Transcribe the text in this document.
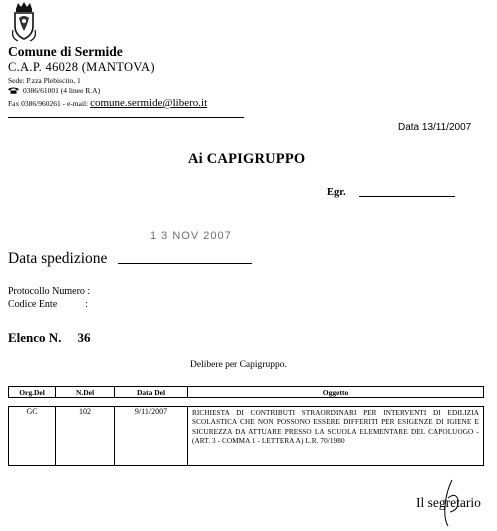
Comune di Sermide
C.A.P. 46028 (MANTOVA)
Sede: P.zza Plebiscito, 1
0386/61001 (4 linee R.A)
Fax 0386/960261 - e-mail: comune.sermide@libero.it
Data 13/11/2007
Ai CAPIGRUPPO
Egr.
1 3 NOV 2007
Data spedizione
Protocollo Numero :
Codice Ente	:
Elenco N. 36
Delibere per Capigruppo.
Org.Del	N.Del	Data Del	Oggetto
GC	102	9/11/2007	RICHIESTA DI CONTRIBUTI STRAORDINARI PER INTERVENTI DI EDILIZIA SCOLASTICA CHE NON POSSONO ESSERE DIFFERITI PER ESIGENZE DI IGIENE E SICUREZZA DA ATTUARE PRESSO LA SCUOLA ELEMENTARE DEL CAPOLUOGO - (ART. 3 - COMMA 1 - LETTERA A) L.R. 70/1980
Il segretario
